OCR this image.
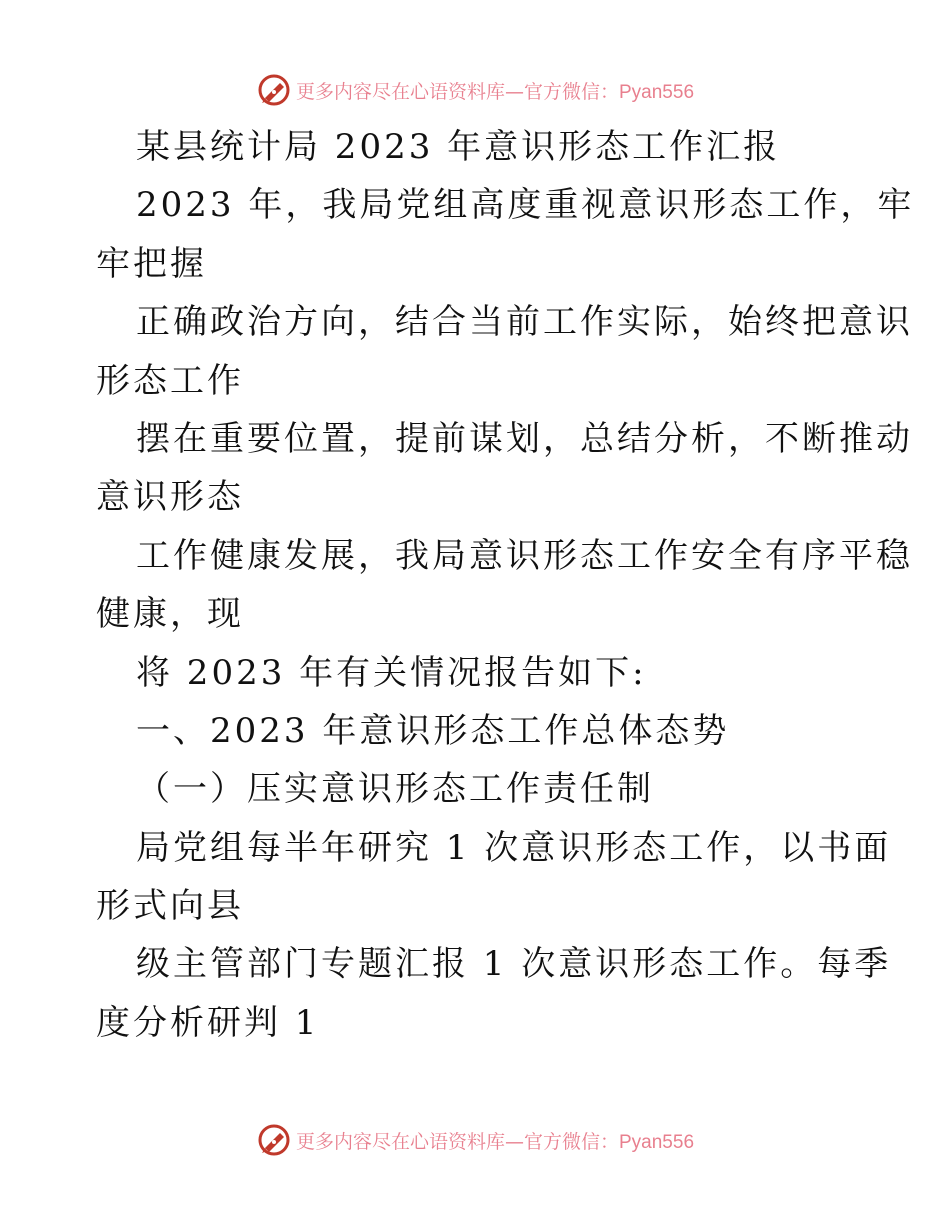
更多内容尽在心语资料库—官方微信：Pyan556
某县统计局 2023 年意识形态工作汇报
2023 年，我局党组高度重视意识形态工作，牢
牢把握
正确政治方向，结合当前工作实际，始终把意识
形态工作
摆在重要位置，提前谋划，总结分析，不断推动
意识形态
工作健康发展，我局意识形态工作安全有序平稳
健康，现
将 2023 年有关情况报告如下:
一、2023 年意识形态工作总体态势
（一）压实意识形态工作责任制
局党组每半年研究 1 次意识形态工作，以书面
形式向县
级主管部门专题汇报 1 次意识形态工作。每季
度分析研判 1
更多内容尽在心语资料库—官方微信：Pyan556
